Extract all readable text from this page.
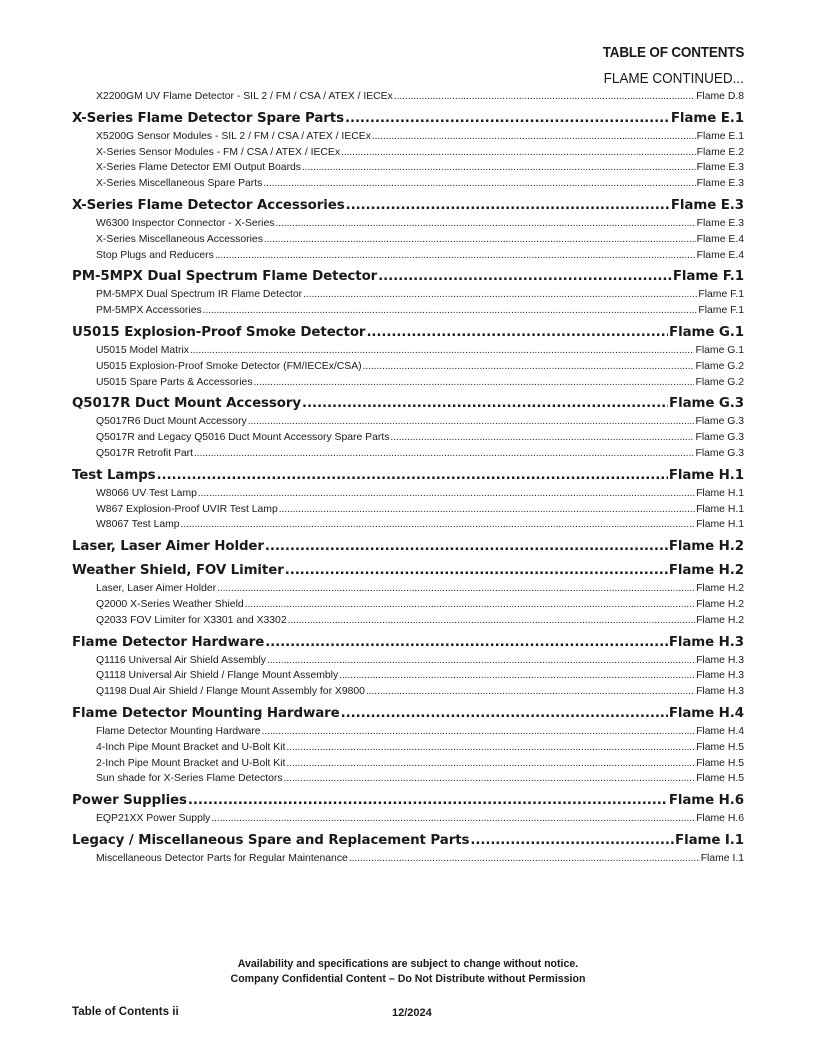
TABLE OF CONTENTS
FLAME CONTINUED...
X2200GM UV Flame Detector - SIL 2 / FM / CSA / ATEX / IECEx .....	Flame D.8
X-Series Flame Detector Spare Parts .....	Flame E.1
X5200G Sensor Modules - SIL 2 / FM / CSA / ATEX / IECEx .....	Flame E.1
X-Series Sensor Modules - FM / CSA / ATEX / IECEx .....	Flame E.2
X-Series Flame Detector EMI Output Boards .....	Flame E.3
X-Series Miscellaneous Spare Parts .....	Flame E.3
X-Series Flame Detector Accessories .....	Flame E.3
W6300 Inspector Connector - X-Series .....	Flame E.3
X-Series Miscellaneous Accessories .....	Flame E.4
Stop Plugs and Reducers .....	Flame E.4
PM-5MPX Dual Spectrum Flame Detector .....	Flame F.1
PM-5MPX Dual Spectrum IR Flame Detector .....	Flame F.1
PM-5MPX Accessories .....	Flame F.1
U5015 Explosion-Proof Smoke Detector .....	Flame G.1
U5015 Model Matrix .....	Flame G.1
U5015 Explosion-Proof Smoke Detector (FM/IECEx/CSA) .....	Flame G.2
U5015 Spare Parts & Accessories .....	Flame G.2
Q5017R Duct Mount Accessory .....	Flame G.3
Q5017R6 Duct Mount Accessory .....	Flame G.3
Q5017R and Legacy Q5016 Duct Mount Accessory Spare Parts .....	Flame G.3
Q5017R Retrofit Part .....	Flame G.3
Test Lamps .....	Flame H.1
W8066 UV Test Lamp .....	Flame H.1
W867 Explosion-Proof UVIR Test Lamp .....	Flame H.1
W8067 Test Lamp .....	Flame H.1
Laser, Laser Aimer Holder .....	Flame H.2
Weather Shield, FOV Limiter .....	Flame H.2
Laser, Laser Aimer Holder .....	Flame H.2
Q2000 X-Series Weather Shield .....	Flame H.2
Q2033 FOV Limiter for X3301 and X3302 .....	Flame H.2
Flame Detector Hardware .....	Flame H.3
Q1116 Universal Air Shield Assembly .....	Flame H.3
Q1118 Universal Air Shield / Flange Mount Assembly .....	Flame H.3
Q1198 Dual Air Shield / Flange Mount Assembly for X9800 .....	Flame H.3
Flame Detector Mounting Hardware .....	Flame H.4
Flame Detector Mounting Hardware .....	Flame H.4
4-Inch Pipe Mount Bracket and U-Bolt Kit .....	Flame H.5
2-Inch Pipe Mount Bracket and U-Bolt Kit .....	Flame H.5
Sun shade for X-Series Flame Detectors .....	Flame H.5
Power Supplies .....	Flame H.6
EQP21XX Power Supply .....	Flame H.6
Legacy / Miscellaneous Spare and Replacement Parts .....	Flame I.1
Miscellaneous Detector Parts for Regular Maintenance .....	Flame I.1
Availability and specifications are subject to change without notice.
Company Confidential Content – Do Not Distribute without Permission
Table of Contents ii	12/2024
